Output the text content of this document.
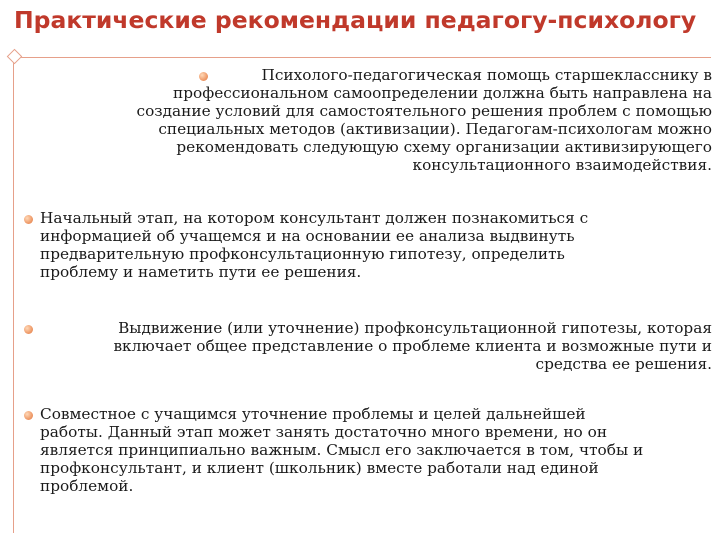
Практические рекомендации педагогу-психологу
Психолого-педагогическая помощь старшекласснику в
профессиональном самоопределении должна быть направлена на
создание условий для самостоятельного решения проблем с помощью
специальных методов (активизации). Педагогам-психологам можно
рекомендовать следующую схему организации активизирующего
консультационного взаимодействия.
Начальный этап, на котором консультант должен познакомиться с
информацией об учащемся и на основании ее анализа выдвинуть
предварительную профконсультационную гипотезу, определить
проблему и наметить пути ее решения.
Выдвижение (или уточнение) профконсультационной гипотезы, которая
включает общее представление о проблеме клиента и возможные пути и
средства ее решения.
Совместное с учащимся уточнение проблемы и целей дальнейшей
работы. Данный этап может занять достаточно много времени, но он
является принципиально важным. Смысл его заключается в том, чтобы и
профконсультант, и клиент (школьник) вместе работали над единой
проблемой.
